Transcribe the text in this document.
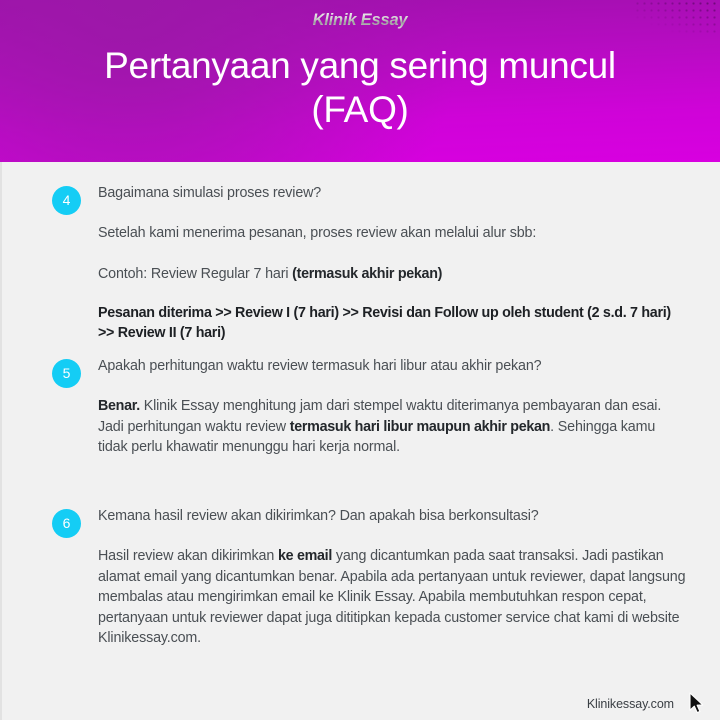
Klinik Essay
Pertanyaan yang sering muncul
(FAQ)
4	Bagaimana simulasi proses review?
Setelah kami menerima pesanan, proses review akan melalui alur sbb:
Contoh: Review Regular 7 hari (termasuk akhir pekan)
Pesanan diterima >> Review I (7 hari) >> Revisi dan Follow up oleh student (2 s.d. 7 hari) >> Review II (7 hari)
5	Apakah perhitungan waktu review termasuk hari libur atau akhir pekan?
Benar. Klinik Essay menghitung jam dari stempel waktu diterimanya pembayaran dan esai. Jadi perhitungan waktu review termasuk hari libur maupun akhir pekan. Sehingga kamu tidak perlu khawatir menunggu hari kerja normal.
6	Kemana hasil review akan dikirimkan? Dan apakah bisa berkonsultasi?
Hasil review akan dikirimkan ke email yang dicantumkan pada saat transaksi. Jadi pastikan alamat email yang dicantumkan benar. Apabila ada pertanyaan untuk reviewer, dapat langsung membalas atau mengirimkan email ke Klinik Essay. Apabila membutuhkan respon cepat, pertanyaan untuk reviewer dapat juga dititipkan kepada customer service chat kami di website Klinikessay.com.
Klinikessay.com
